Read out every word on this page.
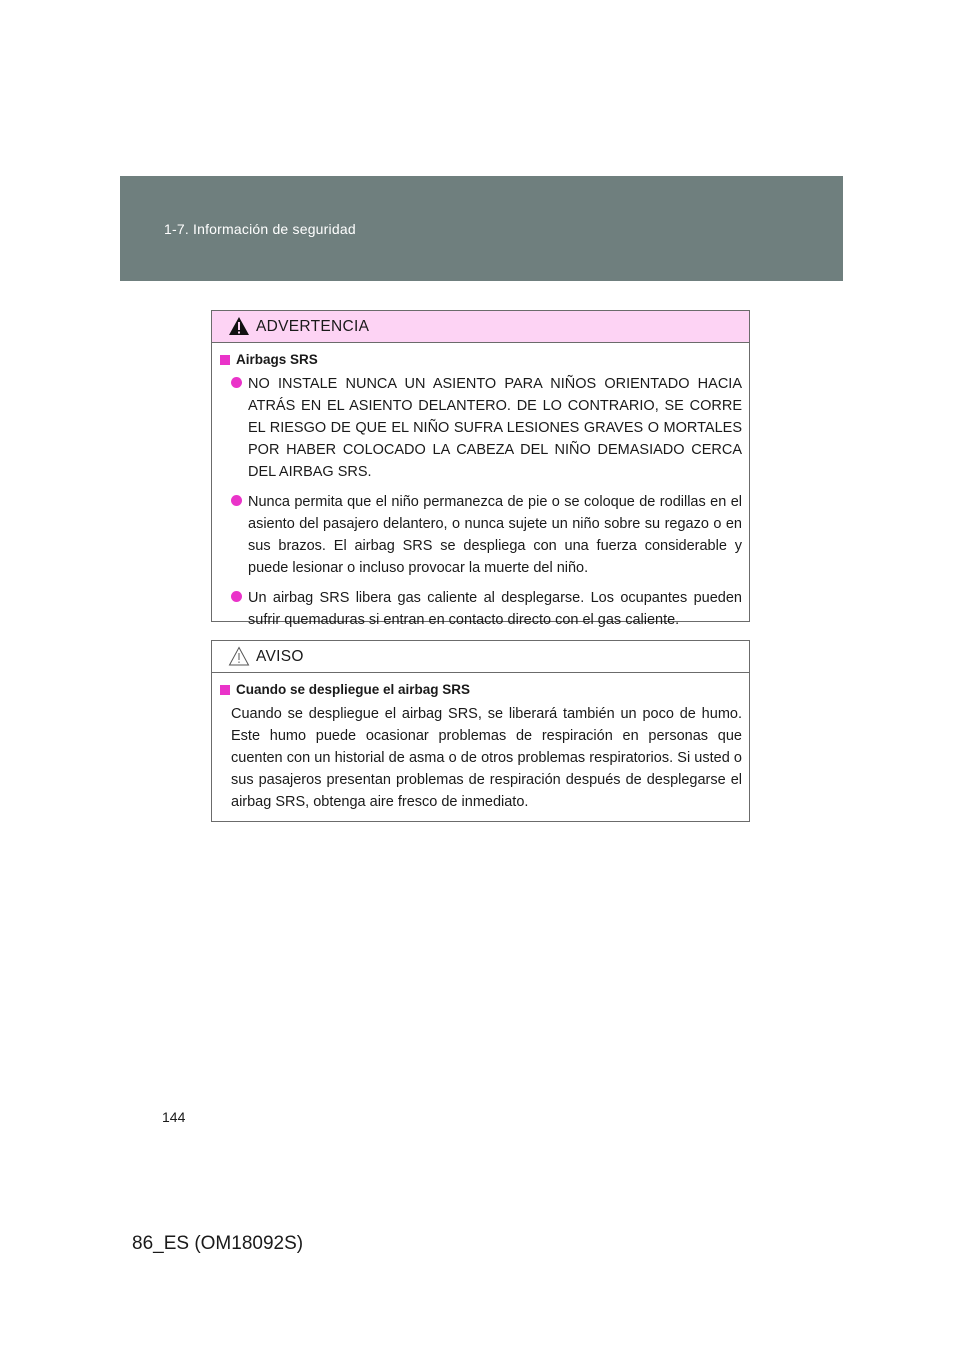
1-7. Información de seguridad
ADVERTENCIA
Airbags SRS

NO INSTALE NUNCA UN ASIENTO PARA NIÑOS ORIENTADO HACIA ATRÁS EN EL ASIENTO DELANTERO. DE LO CONTRARIO, SE CORRE EL RIESGO DE QUE EL NIÑO SUFRA LESIONES GRAVES O MORTALES POR HABER COLOCADO LA CABEZA DEL NIÑO DEMASIADO CERCA DEL AIRBAG SRS.

Nunca permita que el niño permanezca de pie o se coloque de rodillas en el asiento del pasajero delantero, o nunca sujete un niño sobre su regazo o en sus brazos. El airbag SRS se despliega con una fuerza considerable y puede lesionar o incluso provocar la muerte del niño.

Un airbag SRS libera gas caliente al desplegarse. Los ocupantes pueden sufrir quemaduras si entran en contacto directo con el gas caliente.

AVISO
Cuando se despliegue el airbag SRS

Cuando se despliegue el airbag SRS, se liberará también un poco de humo. Este humo puede ocasionar problemas de respiración en personas que cuenten con un historial de asma o de otros problemas respiratorios. Si usted o sus pasajeros presentan problemas de respiración después de desplegarse el airbag SRS, obtenga aire fresco de inmediato.

144
86_ES (OM18092S)
